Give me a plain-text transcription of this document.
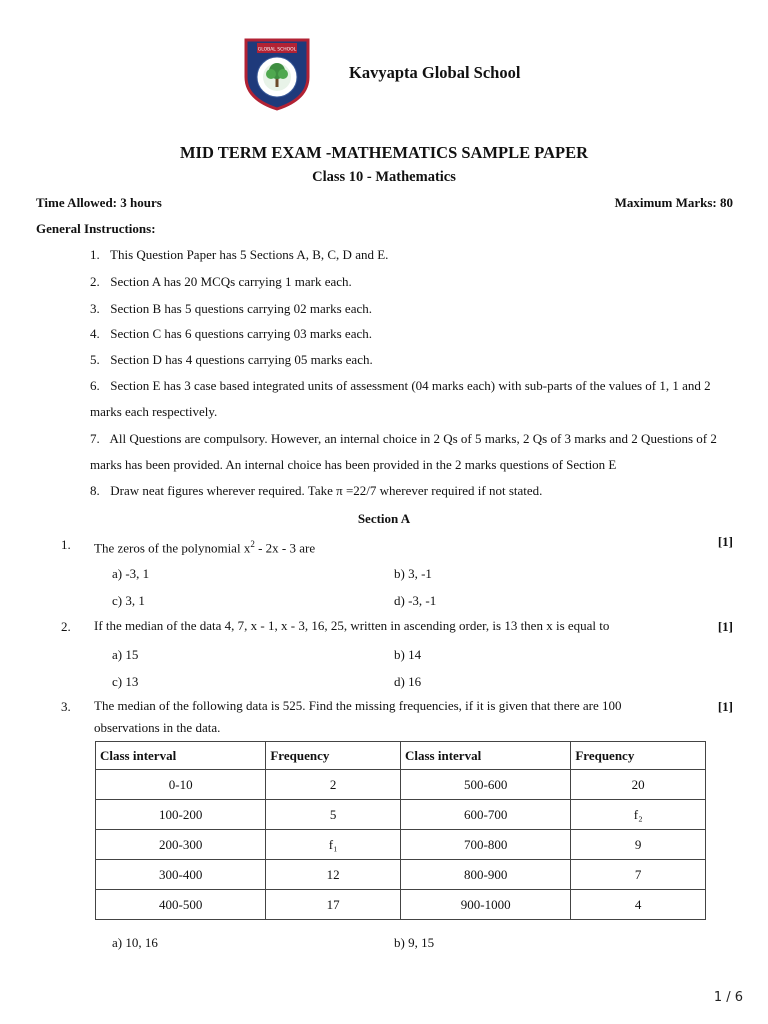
GLOBAL SCHOOL
Kavyapta Global School
MID TERM EXAM -MATHEMATICS SAMPLE PAPER
Class 10 - Mathematics
Time Allowed: 3 hours	Maximum Marks: 80
General Instructions:
1. This Question Paper has 5 Sections A, B, C, D and E.
2. Section A has 20 MCQs carrying 1 mark each.
3. Section B has 5 questions carrying 02 marks each.
4. Section C has 6 questions carrying 03 marks each.
5. Section D has 4 questions carrying 05 marks each.
6. Section E has 3 case based integrated units of assessment (04 marks each) with sub-parts of the values of 1, 1 and 2 marks each respectively.
7. All Questions are compulsory. However, an internal choice in 2 Qs of 5 marks, 2 Qs of 3 marks and 2 Questions of 2 marks has been provided. An internal choice has been provided in the 2 marks questions of Section E
8. Draw neat figures wherever required. Take π =22/7 wherever required if not stated.
Section A
1. The zeros of the polynomial $x^2 - 2x - 3$ are	[1]
a) -3, 1	b) 3, -1
c) 3, 1	d) -3, -1
2. If the median of the data 4, 7, x - 1, x - 3, 16, 25, written in ascending order, is 13 then x is equal to	[1]
a) 15	b) 14
c) 13	d) 16
3. The median of the following data is 525. Find the missing frequencies, if it is given that there are 100 observations in the data.
[1]
Class interval	Frequency	Class interval	Frequency
0-10	2	500-600	20
100-200	5	600-700	f₂
200-300	f₁	700-800	9
300-400	12	800-900	7
400-500	17	900-1000	4
a) 10, 16	b) 9, 15
1 / 6
